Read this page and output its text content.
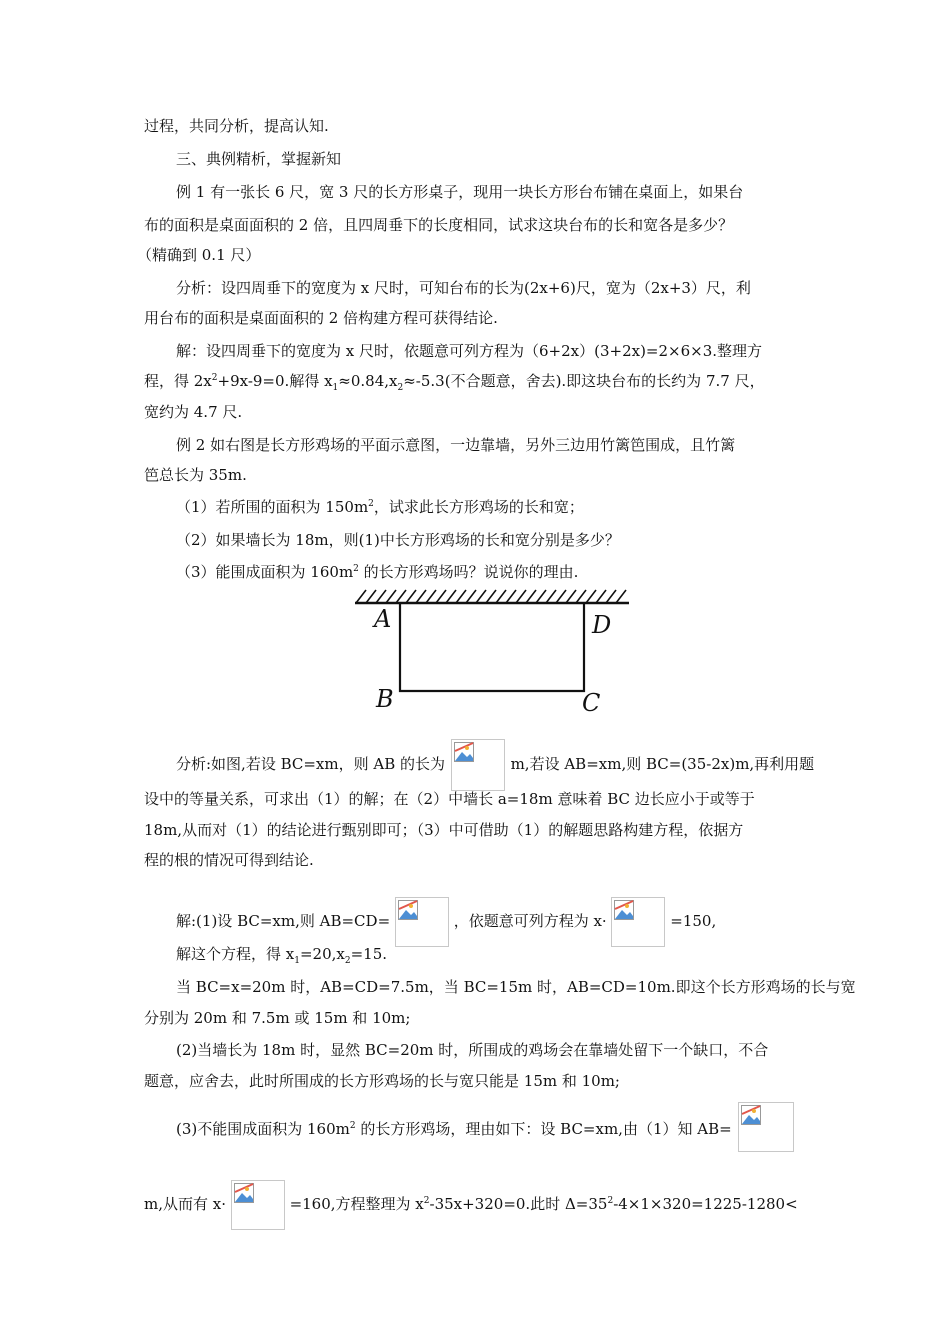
过程，共同分析，提高认知.
三、典例精析，掌握新知
例 1 有一张长 6 尺，宽 3 尺的长方形桌子，现用一块长方形台布铺在桌面上，如果台
布的面积是桌面面积的 2 倍，且四周垂下的长度相同，试求这块台布的长和宽各是多少？
（精确到 0.1 尺）
分析：设四周垂下的宽度为 x 尺时，可知台布的长为(2x+6)尺，宽为（2x+3）尺，利
用台布的面积是桌面面积的 2 倍构建方程可获得结论.
解：设四周垂下的宽度为 x 尺时，依题意可列方程为（6+2x）(3+2x)=2×6×3.整理方
程，得 $2x^2+9x-9=0$.解得 $x_1\approx 0.84,x_2\approx-5.3$(不合题意，舍去).即这块台布的长约为 7.7 尺，
宽约为 4.7 尺.
例 2 如右图是长方形鸡场的平面示意图，一边靠墙，另外三边用竹篱笆围成，且竹篱
笆总长为 35m.
（1）若所围的面积为 $150m^2$，试求此长方形鸡场的长和宽；
（2）如果墙长为 18m，则(1)中长方形鸡场的长和宽分别是多少？
（3）能围成面积为 $160m^2$ 的长方形鸡场吗？说说你的理由.
A	D
B	C
分析:如图,若设 BC=xm，则 AB 的长为	m,若设 AB=xm,则 BC=(35-2x)m,再利用题
设中的等量关系，可求出（1）的解；在（2）中墙长 a=18m 意味着 BC 边长应小于或等于
18m,从而对（1）的结论进行甄别即可；（3）中可借助（1）的解题思路构建方程，依据方
程的根的情况可得到结论.
解:(1)设 BC=xm,则 AB=CD=	，依题意可列方程为 x·	=150,
解这个方程，得 $x_1=20,x_2=15$.
当 BC=x=20m 时，AB=CD=7.5m，当 BC=15m 时，AB=CD=10m.即这个长方形鸡场的长与宽
分别为 20m 和 7.5m 或 15m 和 10m;
(2)当墙长为 18m 时，显然 BC=20m 时，所围成的鸡场会在靠墙处留下一个缺口，不合
题意，应舍去，此时所围成的长方形鸡场的长与宽只能是 15m 和 10m;
(3)不能围成面积为 $160m^2$ 的长方形鸡场，理由如下：设 BC=xm,由（1）知 AB=
m,从而有 x·	=160,方程整理为 $x^2-35x+320=0$.此时 $\Delta=35^2-4\times 1\times 320=1225-1280<$
